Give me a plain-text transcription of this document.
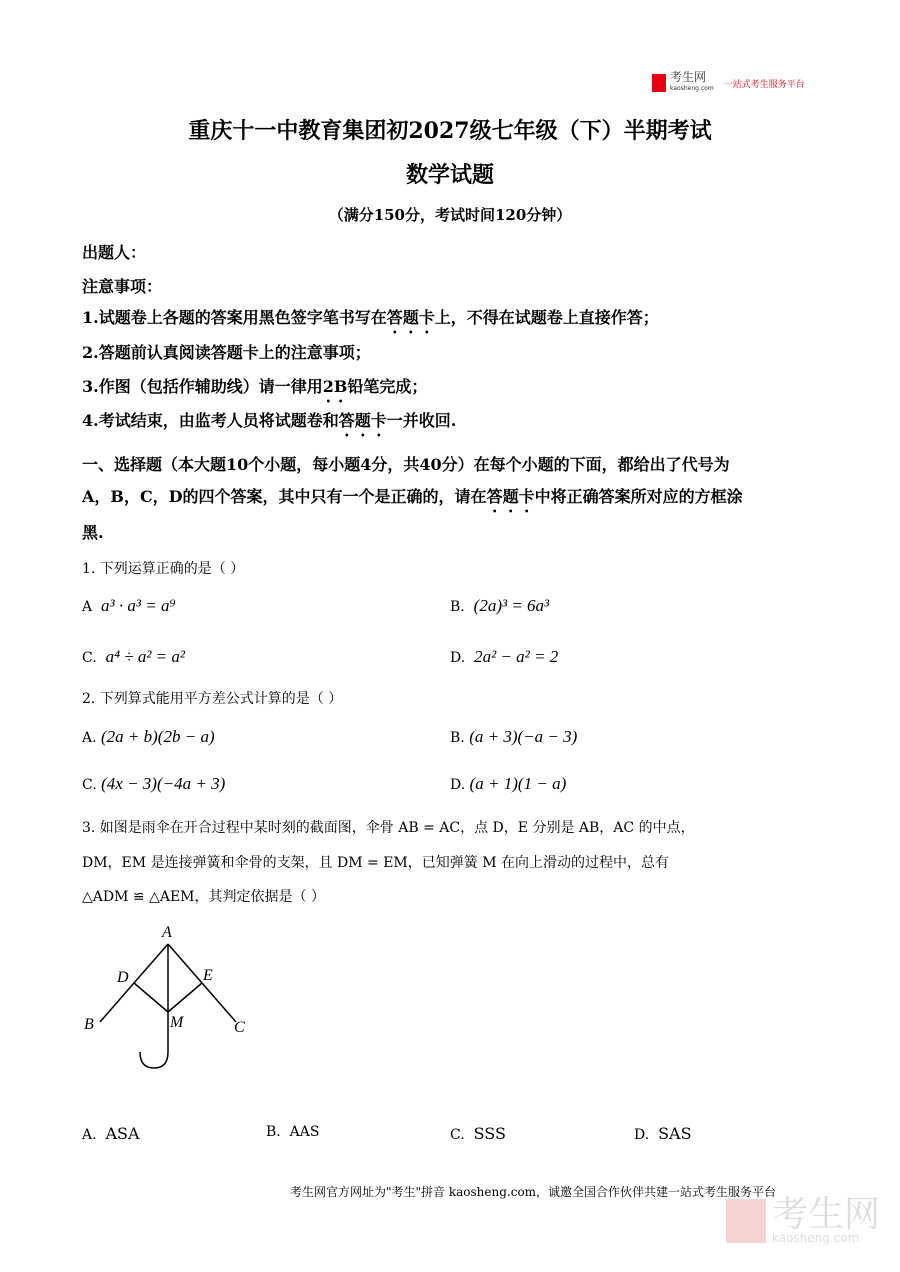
考生网
kaosheng.com 一站式考生服务平台
重庆十一中教育集团初2027级七年级（下）半期考试
数学试题
（满分150分，考试时间120分钟）
出题人：
注意事项：
1.试题卷上各题的答案用黑色签字笔书写在答题卡上，不得在试题卷上直接作答；
2.答题前认真阅读答题卡上的注意事项；
3.作图（包括作辅助线）请一律用2B铅笔完成；
4.考试结束，由监考人员将试题卷和答题卡一并收回.
一、选择题（本大题10个小题，每小题4分，共40分）在每个小题的下面，都给出了代号为
A，B，C，D的四个答案，其中只有一个是正确的，请在答题卡中将正确答案所对应的方框涂
黑.
1. 下列运算正确的是（ ）
A a³ · a³ = a⁹	B. (2a)³ = 6a³
C. a⁴ ÷ a² = a²	D. 2a² − a² = 2
2. 下列算式能用平方差公式计算的是（ ）
A. (2a + b)(2b − a)	B. (a + 3)(−a − 3)
C. (4x − 3)(−4a + 3)	D. (a + 1)(1 − a)
3. 如图是雨伞在开合过程中某时刻的截面图，伞骨 AB = AC，点 D，E 分别是 AB，AC 的中点，
DM，EM 是连接弹簧和伞骨的支架，且 DM = EM，已知弹簧 M 在向上滑动的过程中，总有
△ADM ≌ △AEM，其判定依据是（ ）
A
D	E
B	M	C
A. ASA	B. AAS	C. SSS	D. SAS
考生网官方网址为"考生"拼音 kaosheng.com，诚邀全国合作伙伴共建一站式考生服务平台
考生网
kaosheng.com
